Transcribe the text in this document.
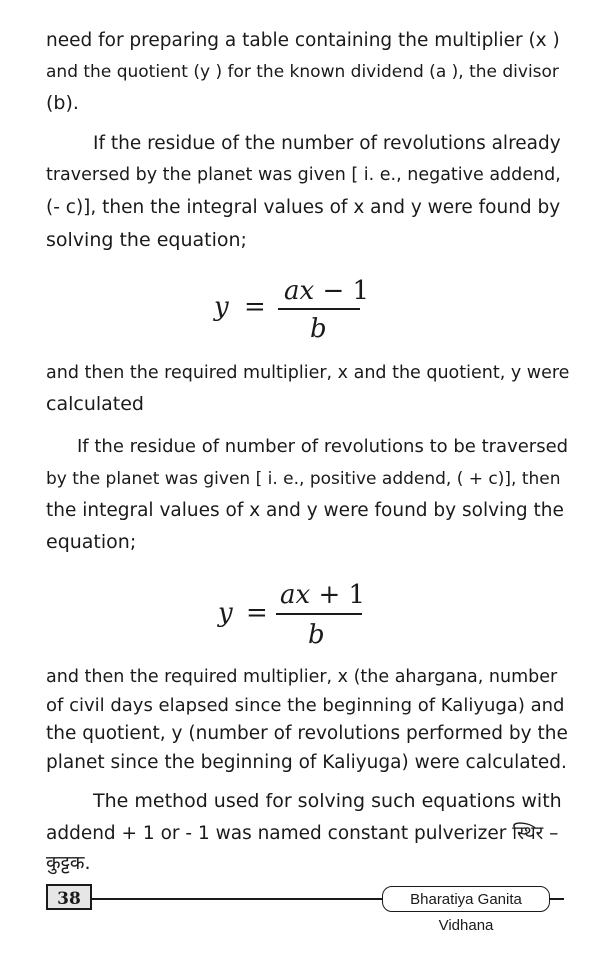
need for preparing a table containing the multiplier (x )
and the quotient (y ) for the known dividend (a ), the divisor
(b).
If the residue of the number of revolutions already
traversed by the planet was given [ i. e., negative addend,
(- c)], then the integral values of x and y were found by
solving the equation;
y =
ax − 1
b
and then the required multiplier, x and the quotient, y were
calculated
If the residue of number of revolutions to be traversed
by the planet was given [ i. e., positive addend, ( + c)], then
the integral values of x and y were found by solving the
equation;
y =
ax + 1
b
and then the required multiplier, x (the ahargana, number
of civil days elapsed since the beginning of Kaliyuga) and
the quotient, y (number of revolutions performed by the
planet since the beginning of Kaliyuga) were calculated.
The method used for solving such equations with
addend + 1 or - 1 was named constant pulverizer स्थिर –
कुट्टक.
38	Bharatiya Ganita Vidhana
